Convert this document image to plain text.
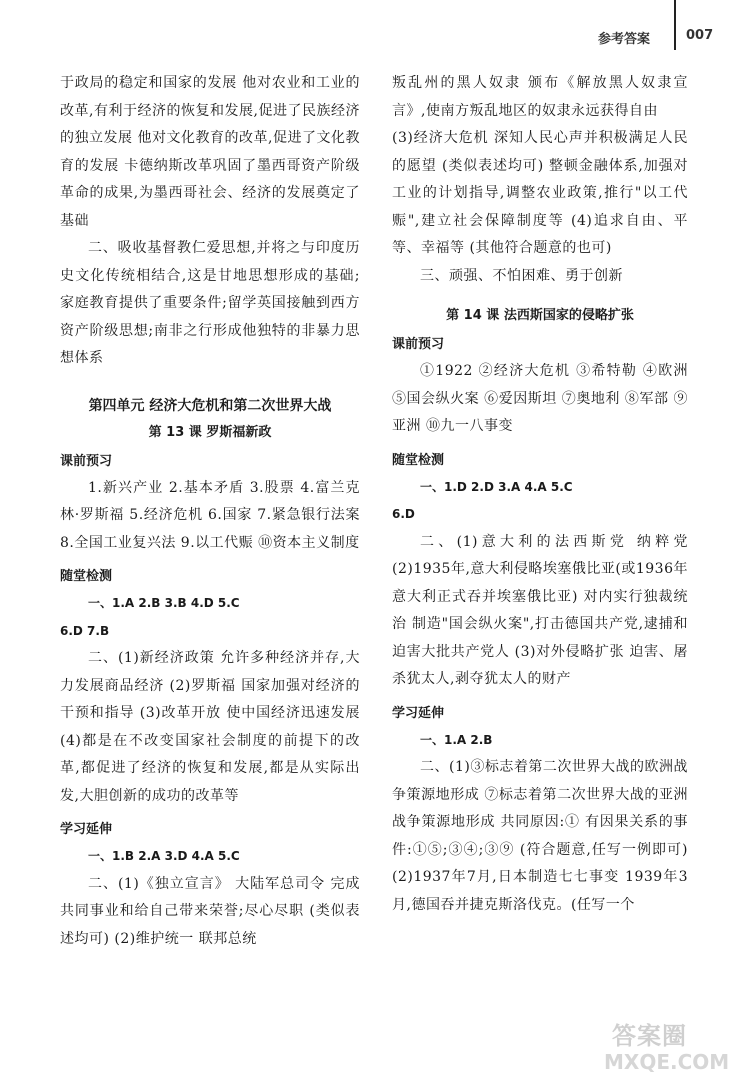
参考答案	007

于政局的稳定和国家的发展 他对农业和工业的改革,有利于经济的恢复和发展,促进了民族经济的独立发展 他对文化教育的改革,促进了文化教育的发展 卡德纳斯改革巩固了墨西哥资产阶级革命的成果,为墨西哥社会、经济的发展奠定了基础

二、吸收基督教仁爱思想,并将之与印度历史文化传统相结合,这是甘地思想形成的基础;家庭教育提供了重要条件;留学英国接触到西方资产阶级思想;南非之行形成他独特的非暴力思想体系

第四单元 经济大危机和第二次世界大战
第 13 课 罗斯福新政
课前预习

1.新兴产业 2.基本矛盾 3.股票 4.富兰克林·罗斯福 5.经济危机 6.国家 7.紧急银行法案 8.全国工业复兴法 9.以工代赈 ⑩资本主义制度

随堂检测

一、1.A 2.B 3.B 4.D 5.C

6.D 7.B

二、(1)新经济政策 允许多种经济并存,大力发展商品经济 (2)罗斯福 国家加强对经济的干预和指导 (3)改革开放 使中国经济迅速发展 (4)都是在不改变国家社会制度的前提下的改革,都促进了经济的恢复和发展,都是从实际出发,大胆创新的成功的改革等

学习延伸

一、1.B 2.A 3.D 4.A 5.C

二、(1)《独立宣言》 大陆军总司令 完成共同事业和给自己带来荣誉;尽心尽职 (类似表述均可) (2)维护统一 联邦总统

叛乱州的黑人奴隶 颁布《解放黑人奴隶宣言》,使南方叛乱地区的奴隶永远获得自由

(3)经济大危机 深知人民心声并积极满足人民的愿望 (类似表述均可) 整顿金融体系,加强对工业的计划指导,调整农业政策,推行"以工代赈",建立社会保障制度等 (4)追求自由、平等、幸福等 (其他符合题意的也可)

三、顽强、不怕困难、勇于创新

第 14 课 法西斯国家的侵略扩张
课前预习

①1922 ②经济大危机 ③希特勒 ④欧洲 ⑤国会纵火案 ⑥爱因斯坦 ⑦奥地利 ⑧军部 ⑨亚洲 ⑩九一八事变

随堂检测

一、1.D 2.D 3.A 4.A 5.C

6.D

二、(1)意大利的法西斯党 纳粹党 (2)1935年,意大利侵略埃塞俄比亚(或1936年意大利正式吞并埃塞俄比亚) 对内实行独裁统治 制造"国会纵火案",打击德国共产党,逮捕和迫害大批共产党人 (3)对外侵略扩张 迫害、屠杀犹太人,剥夺犹太人的财产

学习延伸

一、1.A 2.B

二、(1)③标志着第二次世界大战的欧洲战争策源地形成 ⑦标志着第二次世界大战的亚洲战争策源地形成 共同原因:① 有因果关系的事件:①⑤;③④;③⑨ (符合题意,任写一例即可) (2)1937年7月,日本制造七七事变 1939年3月,德国吞并捷克斯洛伐克。(任写一个

答案圈
MXQE.COM
